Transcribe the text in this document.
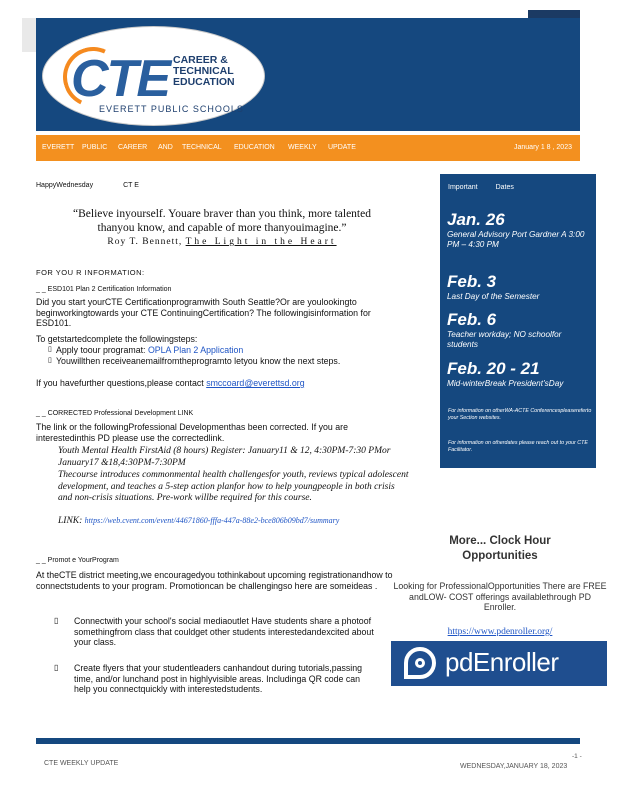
CTE CAREER &
TECHNICAL
EDUCATION
EVERETT PUBLIC SCHOOLS
EVERETT PUBLIC CAREER AND TECHNICAL EDUCATION WEEKLY UPDATE	January 1 8 , 2023
HappyWednesday	CT E
“Believe inyourself. Youare braver than you think, more talented
thanyou know, and capable of more thanyouimagine.”
Roy T. Bennett, The Light in the Heart
FOR YOU R INFORMATION:
_ _ ESD101 Plan 2 Certification Information
Did you start yourCTE Certificationprogramwith South Seattle?Or are youlookingto beginworkingtowards your CTE ContinuingCertification? The followingisinformation for ESD101.
To getstartedcomplete the followingsteps:
▯ Apply toour programat: OPLA Plan 2 Application
▯ Youwillthen receiveanemailfromtheprogramto letyou know the next steps.
If you havefurther questions,please contact smccoard@everettsd.org
_ _ CORRECTED Professional Development LINK
The link or the followingProfessional Developmenthas been corrected. If you are interestedinthis PD please use the correctedlink.
Youth Mental Health FirstAid (8 hours) Register: January11 & 12, 4:30PM-7:30 PMor January17 &18,4:30PM-7:30PM
Thecourse introduces commonmental health challengesfor youth, reviews typical adolescent development, and teaches a 5-step action planfor how to help youngpeople in both crisis and non-crisis situations. Pre-work willbe required for this course.
LINK: https://web.cvent.com/event/44671860-fffa-447a-88e2-bce806b09bd7/summary
_ _ Promot e YourProgram
At theCTE district meeting,we encouragedyou tothinkabout upcoming registrationandhow to connectstudents to your program. Promotioncan be challengingso here are someideas .
▯ Connectwith your school's social mediaoutlet Have students share a photoof somethingfrom class that couldget other students interestedandexcited about your class.
▯ Create flyers that your studentleaders canhandout during tutorials,passing time, and/or lunchand post in highlyvisible areas. Includinga QR code can help you connectquickly with interestedstudents.
Important	Dates
Jan. 26
General Advisory Port Gardner A 3:00 PM – 4:30 PM
Feb. 3
Last Day of the Semester
Feb. 6
Teacher workday; NO schoolfor students
Feb. 20 - 21
Mid-winterBreak President’sDay
For information on otherWA-ACTE Conferencespleasereferto your Section websites.
For information on otherdates please reach out to your CTE Facilitator.
More... Clock Hour
Opportunities
Looking for ProfessionalOpportunities There are FREE andLOW- COST offerings availablethrough PD Enroller.
https://www.pdenroller.org/
pdEnroller
CTE WEEKLY UPDATE
-1 -
WEDNESDAY,JANUARY 18, 2023
